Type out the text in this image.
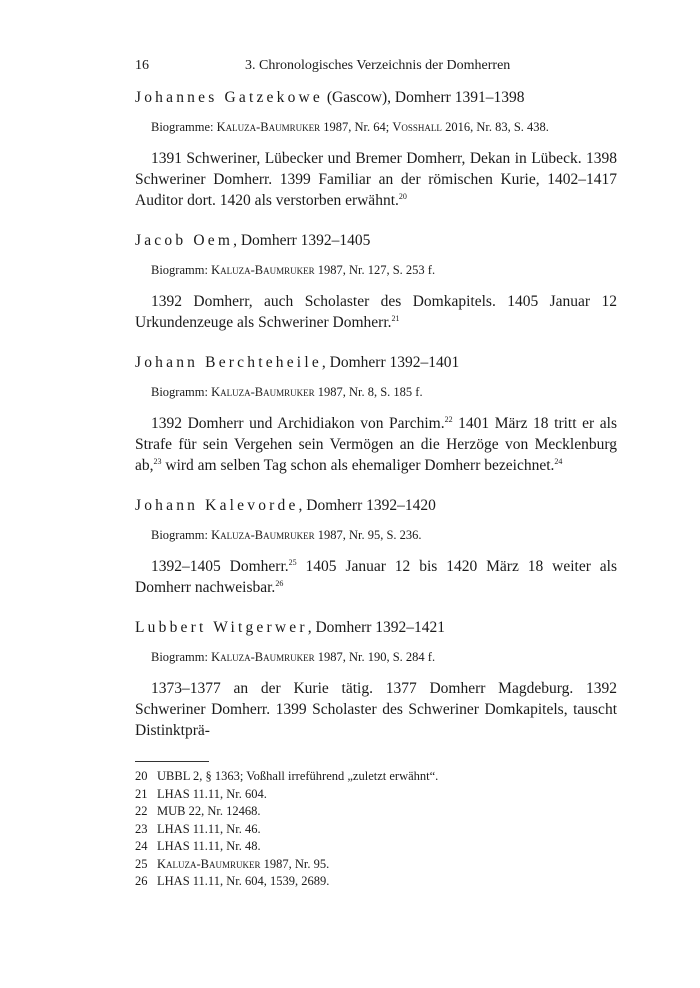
16	3. Chronologisches Verzeichnis der Domherren
Johannes Gatzekowe (Gascow), Domherr 1391–1398
Biogramme: Kaluza-Baumruker 1987, Nr. 64; Vosshall 2016, Nr. 83, S. 438.
1391 Schweriner, Lübecker und Bremer Domherr, Dekan in Lübeck. 1398 Schweriner Domherr. 1399 Familiar an der römischen Kurie, 1402–1417 Auditor dort. 1420 als verstorben erwähnt.$^{20}$
Jacob Oem, Domherr 1392–1405
Biogramm: Kaluza-Baumruker 1987, Nr. 127, S. 253 f.
1392 Domherr, auch Scholaster des Domkapitels. 1405 Januar 12 Urkundenzeuge als Schweriner Domherr.$^{21}$
Johann Berchteheile, Domherr 1392–1401
Biogramm: Kaluza-Baumruker 1987, Nr. 8, S. 185 f.
1392 Domherr und Archidiakon von Parchim.$^{22}$ 1401 März 18 tritt er als Strafe für sein Vergehen sein Vermögen an die Herzöge von Mecklenburg ab,$^{23}$ wird am selben Tag schon als ehemaliger Domherr bezeichnet.$^{24}$
Johann Kalevorde, Domherr 1392–1420
Biogramm: Kaluza-Baumruker 1987, Nr. 95, S. 236.
1392–1405 Domherr.$^{25}$ 1405 Januar 12 bis 1420 März 18 weiter als Domherr nachweisbar.$^{26}$
Lubbert Witgerwer, Domherr 1392–1421
Biogramm: Kaluza-Baumruker 1987, Nr. 190, S. 284 f.
1373–1377 an der Kurie tätig. 1377 Domherr Magdeburg. 1392 Schweriner Domherr. 1399 Scholaster des Schweriner Domkapitels, tauscht Distinktprä-
20 UBBL 2, § 1363; Voßhall irreführend „zuletzt erwähnt“.
21 LHAS 11.11, Nr. 604.
22 MUB 22, Nr. 12468.
23 LHAS 11.11, Nr. 46.
24 LHAS 11.11, Nr. 48.
25 Kaluza-Baumruker 1987, Nr. 95.
26 LHAS 11.11, Nr. 604, 1539, 2689.
